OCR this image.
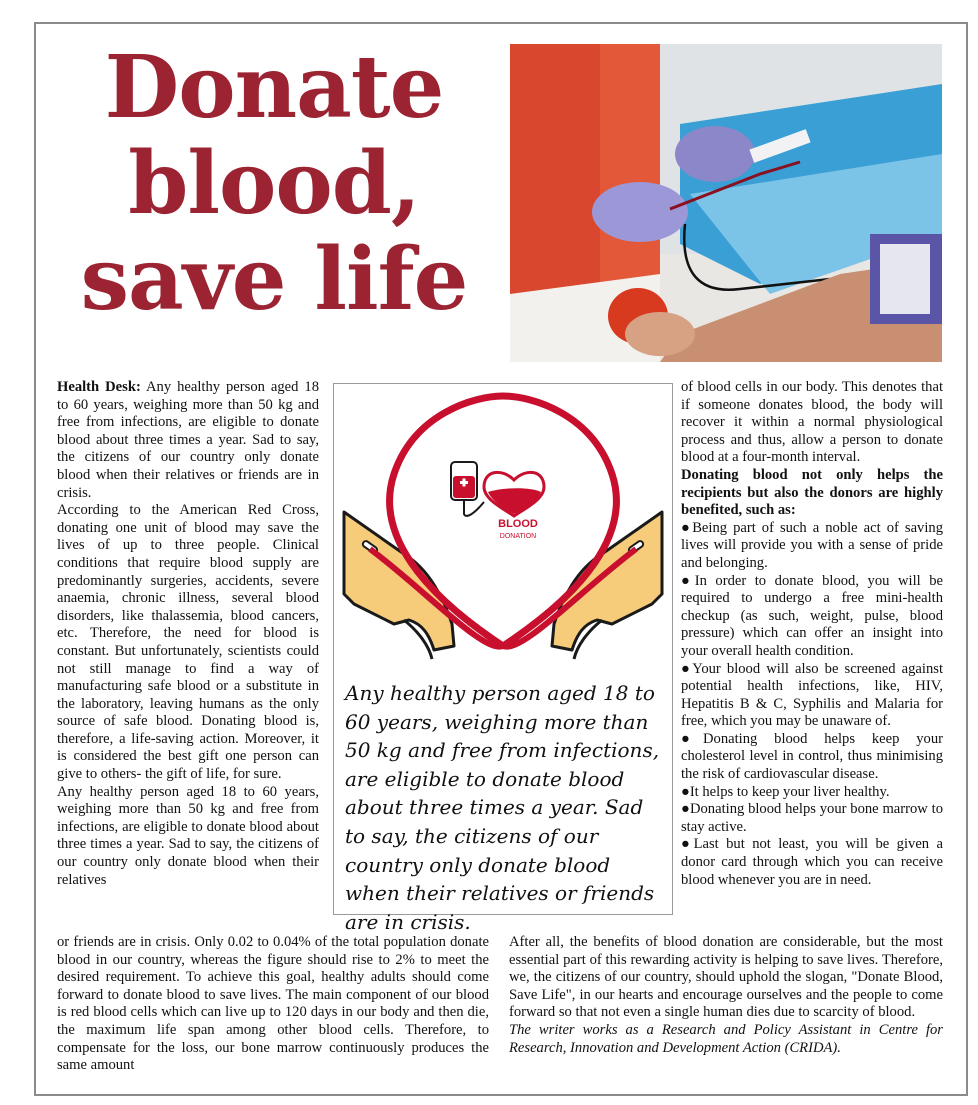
Donate
blood,
save life

Health Desk: Any healthy person aged 18 to 60 years, weighing more than 50 kg and free from infections, are eligible to donate blood about three times a year. Sad to say, the citizens of our country only donate blood when their relatives or friends are in crisis.

According to the American Red Cross, donating one unit of blood may save the lives of up to three people. Clinical conditions that require blood supply are predominantly surgeries, accidents, severe anaemia, chronic illness, several blood disorders, like thalassemia, blood cancers, etc. Therefore, the need for blood is constant. But unfortunately, scientists could not still manage to find a way of manufacturing safe blood or a substitute in the laboratory, leaving humans as the only source of safe blood. Donating blood is, therefore, a life-saving action. Moreover, it is considered the best gift one person can give to others- the gift of life, for sure.

Any healthy person aged 18 to 60 years, weighing more than 50 kg and free from infections, are eligible to donate blood about three times a year. Sad to say, the citizens of our country only donate blood when their relatives

BLOOD
DONATION
Any healthy person aged 18 to 60 years, weighing more than 50 kg and free from infections, are eligible to donate blood about three times a year. Sad to say, the citizens of our country only donate blood when their relatives or friends are in crisis.

of blood cells in our body. This denotes that if someone donates blood, the body will recover it within a normal physiological process and thus, allow a person to donate blood at a four-month interval.

Donating blood not only helps the recipients but also the donors are highly benefited, such as:

●Being part of such a noble act of saving lives will provide you with a sense of pride and belonging.

●In order to donate blood, you will be required to undergo a free mini-health checkup (as such, weight, pulse, blood pressure) which can offer an insight into your overall health condition.

●Your blood will also be screened against potential health infections, like, HIV, Hepatitis B & C, Syphilis and Malaria for free, which you may be unaware of.

●Donating blood helps keep your cholesterol level in control, thus minimising the risk of cardiovascular disease.

●It helps to keep your liver healthy.

●Donating blood helps your bone marrow to stay active.

●Last but not least, you will be given a donor card through which you can receive blood whenever you are in need.

or friends are in crisis. Only 0.02 to 0.04% of the total population donate blood in our country, whereas the figure should rise to 2% to meet the desired requirement. To achieve this goal, healthy adults should come forward to donate blood to save lives. The main component of our blood is red blood cells which can live up to 120 days in our body and then die, the maximum life span among other blood cells. Therefore, to compensate for the loss, our bone marrow continuously produces the same amount

After all, the benefits of blood donation are considerable, but the most essential part of this rewarding activity is helping to save lives. Therefore, we, the citizens of our country, should uphold the slogan, "Donate Blood, Save Life", in our hearts and encourage ourselves and the people to come forward so that not even a single human dies due to scarcity of blood.

The writer works as a Research and Policy Assistant in Centre for Research, Innovation and Development Action (CRIDA).
